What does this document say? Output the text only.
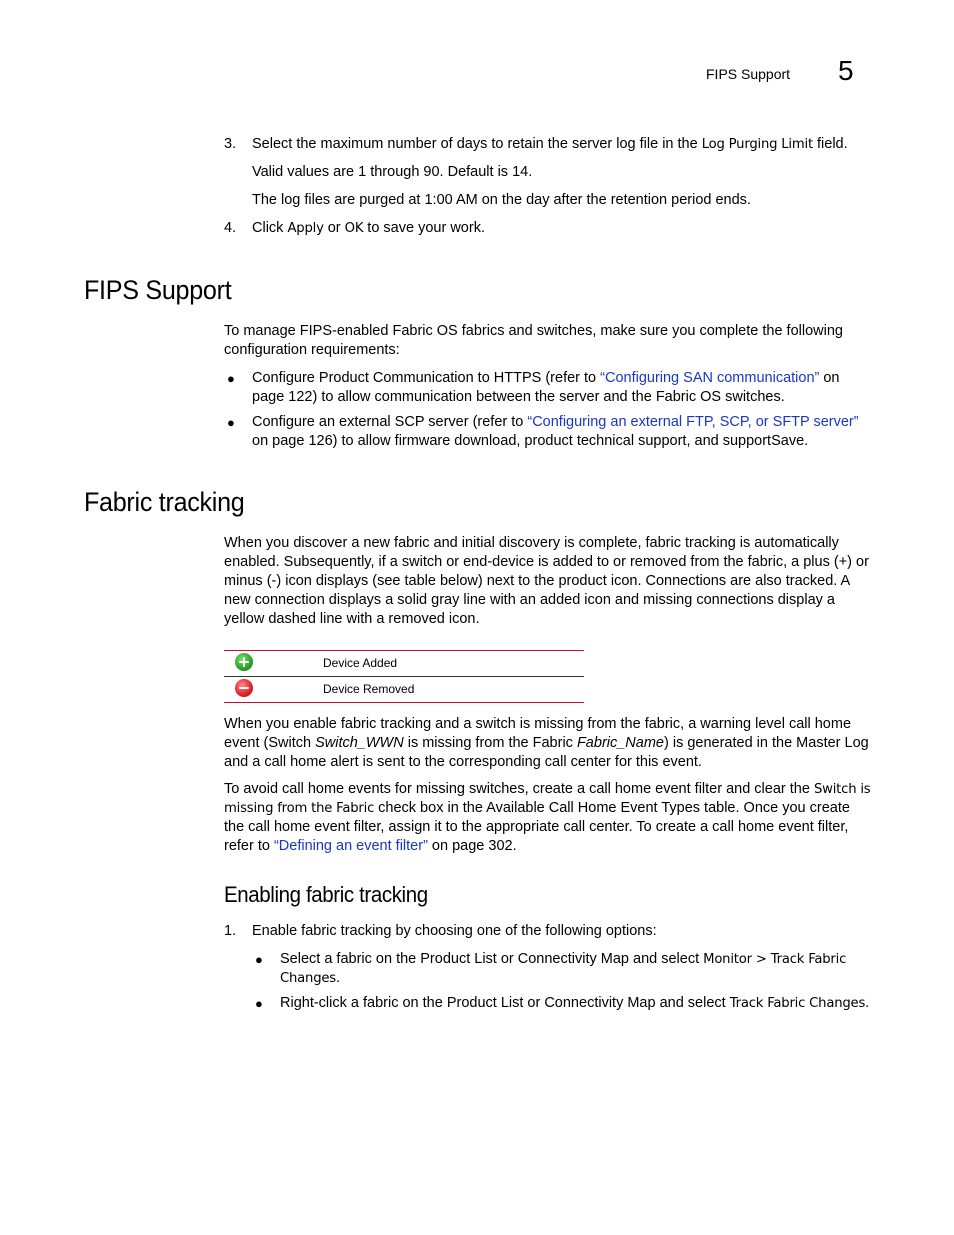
FIPS Support 5
3. Select the maximum number of days to retain the server log file in the Log Purging Limit field.
Valid values are 1 through 90. Default is 14.
The log files are purged at 1:00 AM on the day after the retention period ends.
4. Click Apply or OK to save your work.
FIPS Support
To manage FIPS-enabled Fabric OS fabrics and switches, make sure you complete the following configuration requirements:
● Configure Product Communication to HTTPS (refer to “Configuring SAN communication” on page 122) to allow communication between the server and the Fabric OS switches.
● Configure an external SCP server (refer to “Configuring an external FTP, SCP, or SFTP server” on page 126) to allow firmware download, product technical support, and supportSave.
Fabric tracking
When you discover a new fabric and initial discovery is complete, fabric tracking is automatically enabled. Subsequently, if a switch or end-device is added to or removed from the fabric, a plus (+) or minus (-) icon displays (see table below) next to the product icon. Connections are also tracked. A new connection displays a solid gray line with an added icon and missing connections display a yellow dashed line with a removed icon.
Device Added
Device Removed
When you enable fabric tracking and a switch is missing from the fabric, a warning level call home event (Switch Switch_WWN is missing from the Fabric Fabric_Name) is generated in the Master Log and a call home alert is sent to the corresponding call center for this event.
To avoid call home events for missing switches, create a call home event filter and clear the Switch is missing from the Fabric check box in the Available Call Home Event Types table. Once you create the call home event filter, assign it to the appropriate call center. To create a call home event filter, refer to “Defining an event filter” on page 302.
Enabling fabric tracking
1. Enable fabric tracking by choosing one of the following options:
● Select a fabric on the Product List or Connectivity Map and select Monitor > Track Fabric Changes.
● Right-click a fabric on the Product List or Connectivity Map and select Track Fabric Changes.
